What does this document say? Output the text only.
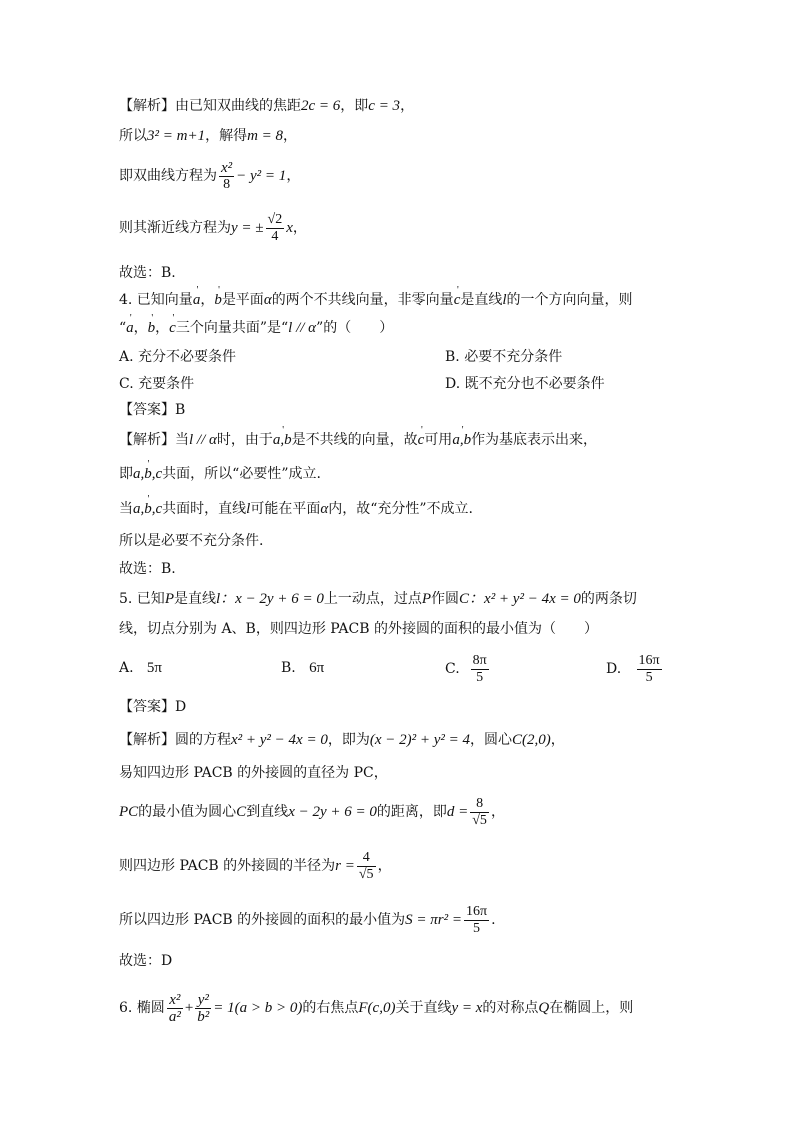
【解析】由已知双曲线的焦距2c = 6，即c = 3，
所以3² = m+1，解得m = 8，
即双曲线方程为 $\frac{\text{x²}}{8} - y^2 = 1$，
则其渐近线方程为y = ± $\frac{√2}{4}$ x，
故选：B.
4. 已知向量' a，' b是平面α的两个不共线向量，非零向量' c是直线l的一个方向向量，则
“' a，' b，' c三个向量共面”是“l // α”的（　　）
A. 充分不必要条件	B. 必要不充分条件
C. 充要条件	D. 既不充分也不必要条件
【答案】B
【解析】当l // α时，由于' a,b是不共线的向量，故' c可用' a,b作为基底表示出来，
即' a,b,c共面，所以“必要性”成立.
当' a,b,c共面时，直线l可能在平面α内，故“充分性”不成立.
所以是必要不充分条件.
故选：B.
5. 已知P是直线l：x − 2y + 6 = 0上一动点，过点P作圆C：x² + y² − 4x = 0的两条切
线，切点分别为 A、B，则四边形 PACB 的外接圆的面积的最小值为（　　）
A. 5π	B. 6π	C. $\frac{8\pi}{5}$	D. $\frac{16\pi}{5}$
【答案】D
【解析】圆的方程x² + y² − 4x = 0，即为(x − 2)² + y² = 4，圆心C(2,0)，
易知四边形 PACB 的外接圆的直径为 PC，
PC的最小值为圆心C到直线x − 2y + 6 = 0的距离，即$d = \frac{8}{√5}$ ，
则四边形 PACB 的外接圆的半径为$r = \frac{4}{√5}$ ，
所以四边形 PACB 的外接圆的面积的最小值为$S = \pi r^2 = \frac{16\pi}{5}$ .
故选：D
6. 椭圆 $\frac{\text{x²}}{\text{a²}} + \frac{\text{y²}}{\text{b²}} = 1(a > b > 0)$的右焦点F(c,0)关于直线y = x的对称点Q在椭圆上，则
